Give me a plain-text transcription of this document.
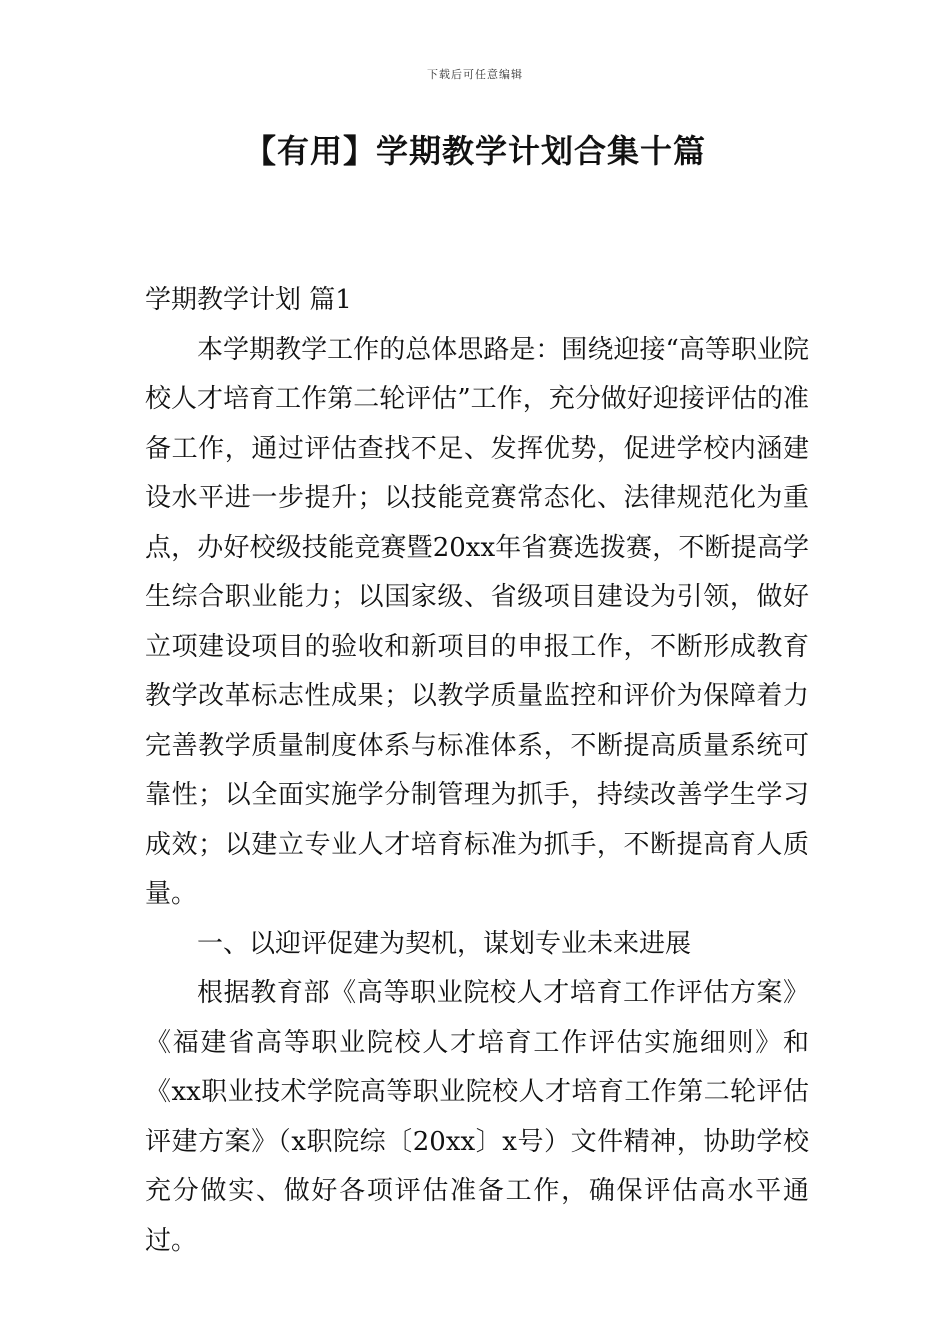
下载后可任意编辑
【有用】学期教学计划合集十篇

学期教学计划 篇1

本学期教学工作的总体思路是：围绕迎接“高等职业院校人才培育工作第二轮评估”工作，充分做好迎接评估的准备工作，通过评估查找不足、发挥优势，促进学校内涵建设水平进一步提升；以技能竞赛常态化、法律规范化为重点，办好校级技能竞赛暨20xx年省赛选拨赛，不断提高学生综合职业能力；以国家级、省级项目建设为引领，做好立项建设项目的验收和新项目的申报工作，不断形成教育教学改革标志性成果；以教学质量监控和评价为保障着力完善教学质量制度体系与标准体系，不断提高质量系统可靠性；以全面实施学分制管理为抓手，持续改善学生学习成效；以建立专业人才培育标准为抓手，不断提高育人质量。

一、以迎评促建为契机，谋划专业未来进展

根据教育部《高等职业院校人才培育工作评估方案》《福建省高等职业院校人才培育工作评估实施细则》和《xx职业技术学院高等职业院校人才培育工作第二轮评估评建方案》（x职院综〔20xx〕x号）文件精神，协助学校充分做实、做好各项评估准备工作，确保评估高水平通过。
